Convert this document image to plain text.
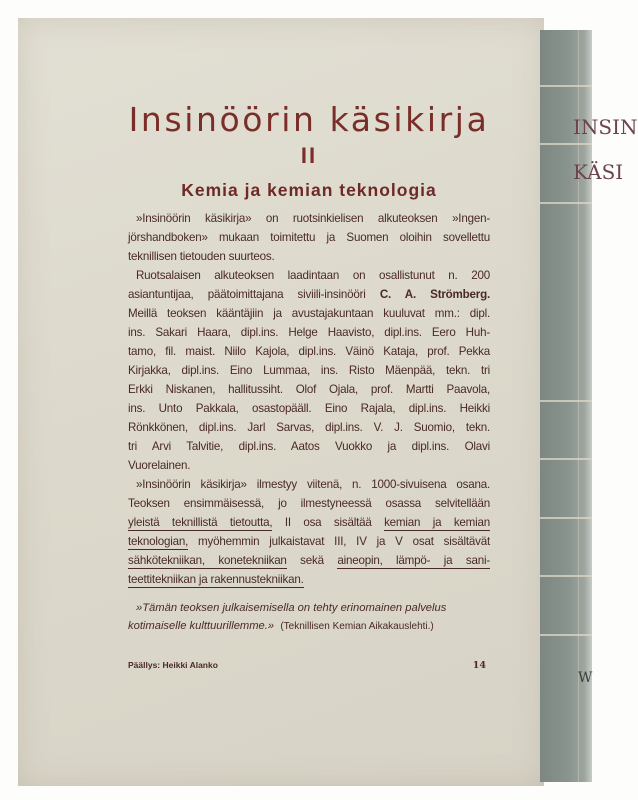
INSIN
KÄSI
W
Insinöörin käsikirja
II
Kemia ja kemian teknologia
»Insinöörin käsikirja» on ruotsinkielisen alkuteoksen »Ingen-
jörshandboken» mukaan toimitettu ja Suomen oloihin sovellettu
teknillisen tietouden suurteos.
Ruotsalaisen alkuteoksen laadintaan on osallistunut n. 200
asiantuntijaa, päätoimittajana siviili-insinööri C. A. Strömberg.
Meillä teoksen kääntäjiin ja avustajakuntaan kuuluvat mm.: dipl.
ins. Sakari Haara, dipl.ins. Helge Haavisto, dipl.ins. Eero Huh-
tamo, fil. maist. Niilo Kajola, dipl.ins. Väinö Kataja, prof. Pekka
Kirjakka, dipl.ins. Eino Lummaa, ins. Risto Mäenpää, tekn. tri
Erkki Niskanen, hallitussiht. Olof Ojala, prof. Martti Paavola,
ins. Unto Pakkala, osastopääll. Eino Rajala, dipl.ins. Heikki
Rönkkönen, dipl.ins. Jarl Sarvas, dipl.ins. V. J. Suomio, tekn.
tri Arvi Talvitie, dipl.ins. Aatos Vuokko ja dipl.ins. Olavi
Vuorelainen.
»Insinöörin käsikirja» ilmestyy viitenä, n. 1000-sivuisena osana.
Teoksen ensimmäisessä, jo ilmestyneessä osassa selvitellään
yleistä teknillistä tietoutta, II osa sisältää kemian ja kemian
teknologian, myöhemmin julkaistavat III, IV ja V osat sisältävät
sähkötekniikan, konetekniikan sekä aineopin, lämpö- ja sani-
teettitekniikan ja rakennustekniikan.
»Tämän teoksen julkaisemisella on tehty erinomainen palvelus
kotimaiselle kulttuurillemme.» (Teknillisen Kemian Aikakauslehti.)
Päällys: Heikki Alanko	14
